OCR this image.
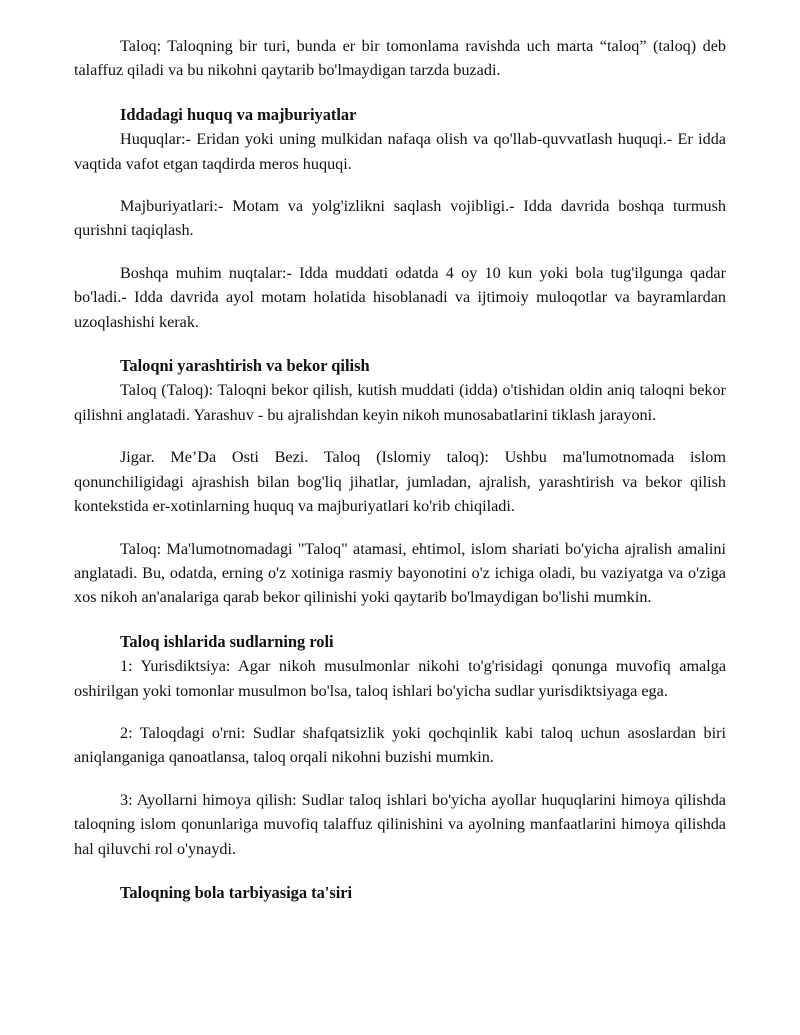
Taloq: Taloqning bir turi, bunda er bir tomonlama ravishda uch marta “taloq” (taloq) deb talaffuz qiladi va bu nikohni qaytarib bo'lmaydigan tarzda buzadi.

Iddadagi huquq va majburiyatlar

Huquqlar:- Eridan yoki uning mulkidan nafaqa olish va qo'llab-quvvatlash huquqi.- Er idda vaqtida vafot etgan taqdirda meros huquqi.

Majburiyatlari:- Motam va yolg'izlikni saqlash vojibligi.- Idda davrida boshqa turmush qurishni taqiqlash.

Boshqa muhim nuqtalar:- Idda muddati odatda 4 oy 10 kun yoki bola tug'ilgunga qadar bo'ladi.- Idda davrida ayol motam holatida hisoblanadi va ijtimoiy muloqotlar va bayramlardan uzoqlashishi kerak.

Taloqni yarashtirish va bekor qilish

Taloq (Taloq): Taloqni bekor qilish, kutish muddati (idda) o'tishidan oldin aniq taloqni bekor qilishni anglatadi. Yarashuv - bu ajralishdan keyin nikoh munosabatlarini tiklash jarayoni.

Jigar. Me’Da Osti Bezi. Taloq (Islomiy taloq): Ushbu ma'lumotnomada islom qonunchiligidagi ajrashish bilan bog'liq jihatlar, jumladan, ajralish, yarashtirish va bekor qilish kontekstida er-xotinlarning huquq va majburiyatlari ko'rib chiqiladi.

Taloq: Ma'lumotnomadagi "Taloq" atamasi, ehtimol, islom shariati bo'yicha ajralish amalini anglatadi. Bu, odatda, erning o'z xotiniga rasmiy bayonotini o'z ichiga oladi, bu vaziyatga va o'ziga xos nikoh an'analariga qarab bekor qilinishi yoki qaytarib bo'lmaydigan bo'lishi mumkin.

Taloq ishlarida sudlarning roli

1: Yurisdiktsiya: Agar nikoh musulmonlar nikohi to'g'risidagi qonunga muvofiq amalga oshirilgan yoki tomonlar musulmon bo'lsa, taloq ishlari bo'yicha sudlar yurisdiktsiyaga ega.

2: Taloqdagi o'rni: Sudlar shafqatsizlik yoki qochqinlik kabi taloq uchun asoslardan biri aniqlanganiga qanoatlansa, taloq orqali nikohni buzishi mumkin.

3: Ayollarni himoya qilish: Sudlar taloq ishlari bo'yicha ayollar huquqlarini himoya qilishda taloqning islom qonunlariga muvofiq talaffuz qilinishini va ayolning manfaatlarini himoya qilishda hal qiluvchi rol o'ynaydi.

Taloqning bola tarbiyasiga ta'siri
